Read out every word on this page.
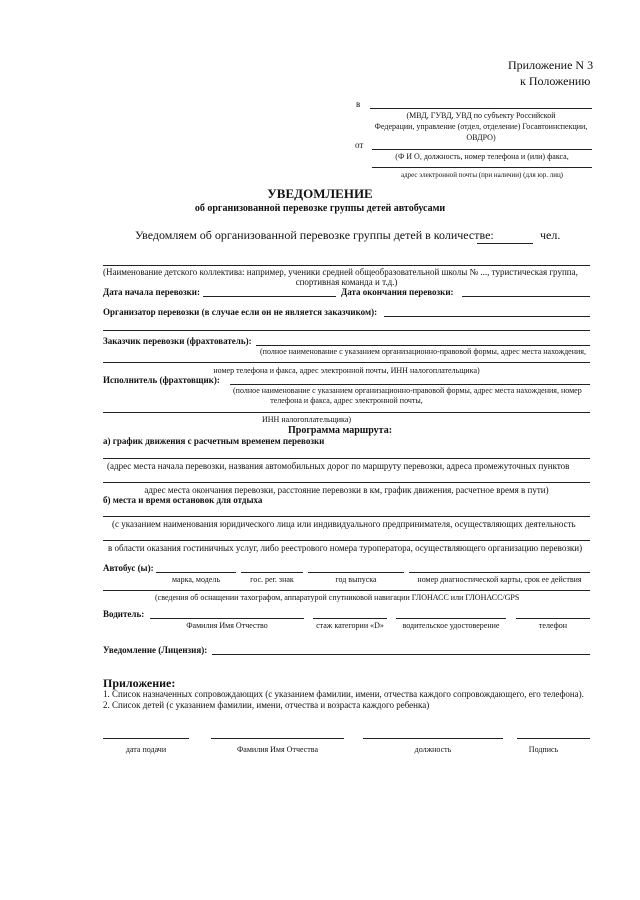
Приложение N 3
к Положению
в
(МВД, ГУВД, УВД по субъекту Российской
Федерации, управление (отдел, отделение) Госавтоинспекции,
ОВДРО)
от
(Ф И О, должность, номер телефона и (или) факса,
адрес электронной почты (при наличии) (для юр. лиц)
УВЕДОМЛЕНИЕ
об организованной перевозке группы детей автобусами
Уведомляем об организованной перевозке группы детей в количестве:	чел.
(Наименование детского коллектива: например, ученики средней общеобразовательной школы № ..., туристическая группа,
спортивная команда и т.д.)
Дата начала перевозки:	Дата окончания перевозки:
Организатор перевозки (в случае если он не является заказчиком):
Заказчик перевозки (фрахтователь):
(полное наименование с указанием организационно-правовой формы, адрес места нахождения,
номер телефона и факса, адрес электронной почты, ИНН налогоплательщика)
Исполнитель (фрахтовщик):
(полное наименование с указанием организационно-правовой формы, адрес места нахождения, номер
телефона и факса, адрес электронной почты,
ИНН налогоплательщика)
Программа маршрута:
а) график движения с расчетным временем перевозки
(адрес места начала перевозки, названия автомобильных дорог по маршруту перевозки, адреса промежуточных пунктов
адрес места окончания перевозки, расстояние перевозки в км, график движения, расчетное время в пути)
б) места и время остановок для отдыха
(с указанием наименования юридического лица или индивидуального предпринимателя, осуществляющих деятельность
в области оказания гостиничных услуг, либо реестрового номера туроператора, осуществляющего организацию перевозки)
Автобус (ы):
марка, модель	гос. рег. знак	год выпуска	номер диагностической карты, срок ее действия
(сведения об оснащении тахографом, аппаратурой спутниковой навигации ГЛОНАСС или ГЛОНАСС/GPS
Водитель:
Фамилия Имя Отчество	стаж категории «D»	водительское удостоверение	телефон
Уведомление (Лицензия):
Приложение:
1. Список назначенных сопровождающих (с указанием фамилии, имени, отчества каждого сопровождающего, его телефона).
2. Список детей (с указанием фамилии, имени, отчества и возраста каждого ребенка)
дата подачи	Фамилия Имя Отчества	должность	Подпись
